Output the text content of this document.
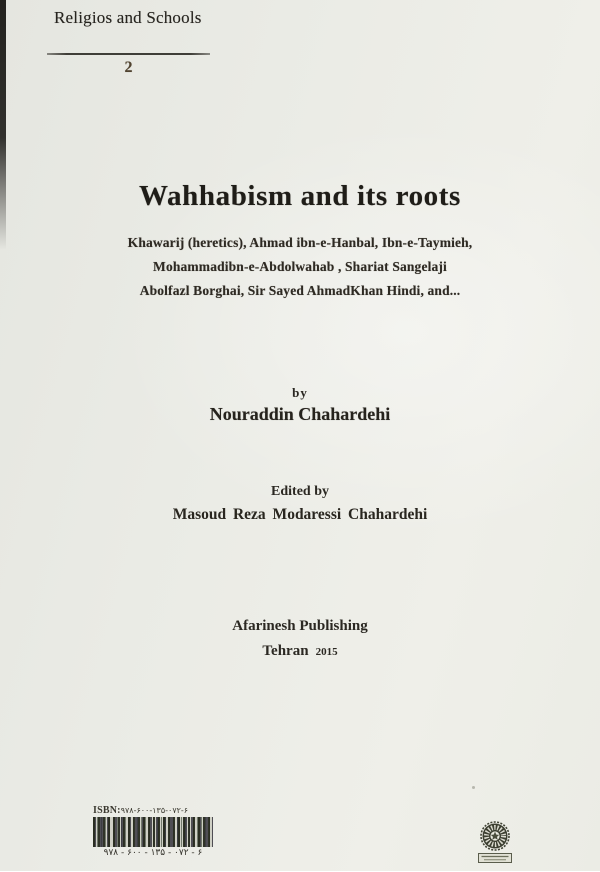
Religios and Schools
2
Wahhabism and its roots
Khawarij (heretics), Ahmad ibn-e-Hanbal, Ibn-e-Taymieh,
Mohammadibn-e-Abdolwahab , Shariat Sangelaji
Abolfazl Borghai, Sir Sayed AhmadKhan Hindi, and...
by
Nouraddin Chahardehi
Edited by
Masoud Reza Modaressi Chahardehi
Afarinesh Publishing
Tehran 2015
ISBN:۹۷۸-۶۰۰-۱۳۵-۰۷۲-۶
۹۷۸ - ۶۰۰ - ۱۳۵ - ۰۷۲ - ۶
